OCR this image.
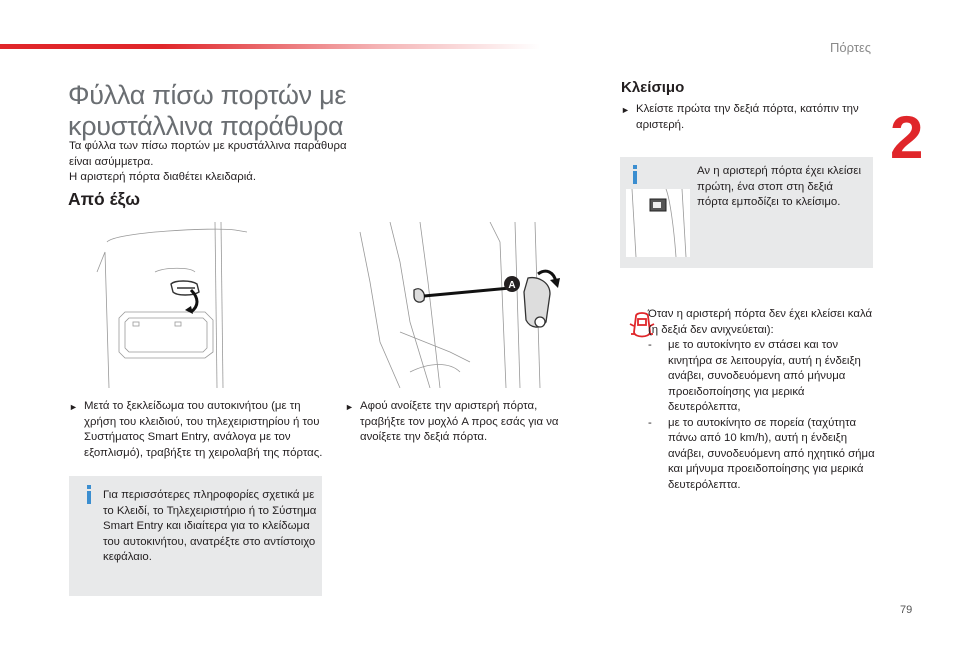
Πόρτες
2
79
Φύλλα πίσω πορτών με κρυστάλλινα παράθυρα
Τα φύλλα των πίσω πορτών με κρυστάλλινα παράθυρα είναι ασύμμετρα.
Η αριστερή πόρτα διαθέτει κλειδαριά.
Από έξω
A
► Μετά το ξεκλείδωμα του αυτοκινήτου (με τη χρήση του κλειδιού, του τηλεχειριστηρίου ή του Συστήματος Smart Entry, ανάλογα με τον εξοπλισμό), τραβήξτε τη χειρολαβή της πόρτας.
► Αφού ανοίξετε την αριστερή πόρτα, τραβήξτε τον μοχλό A προς εσάς για να ανοίξετε την δεξιά πόρτα.
Για περισσότερες πληροφορίες σχετικά με το Κλειδί, το Τηλεχειριστήριο ή το Σύστημα Smart Entry και ιδιαίτερα για το κλείδωμα του αυτοκινήτου, ανατρέξτε στο αντίστοιχο κεφάλαιο.
Κλείσιμο
► Κλείστε πρώτα την δεξιά πόρτα, κατόπιν την αριστερή.
Αν η αριστερή πόρτα έχει κλείσει πρώτη, ένα στοπ στη δεξιά πόρτα εμποδίζει το κλείσιμο.
Όταν η αριστερή πόρτα δεν έχει κλείσει καλά (η δεξιά δεν ανιχνεύεται):
- με το αυτοκίνητο εν στάσει και τον κινητήρα σε λειτουργία, αυτή η ένδειξη ανάβει, συνοδευόμενη από μήνυμα προειδοποίησης για μερικά δευτερόλεπτα,
- με το αυτοκίνητο σε πορεία (ταχύτητα πάνω από 10 km/h), αυτή η ένδειξη ανάβει, συνοδευόμενη από ηχητικό σήμα και μήνυμα προειδοποίησης για μερικά δευτερόλεπτα.
